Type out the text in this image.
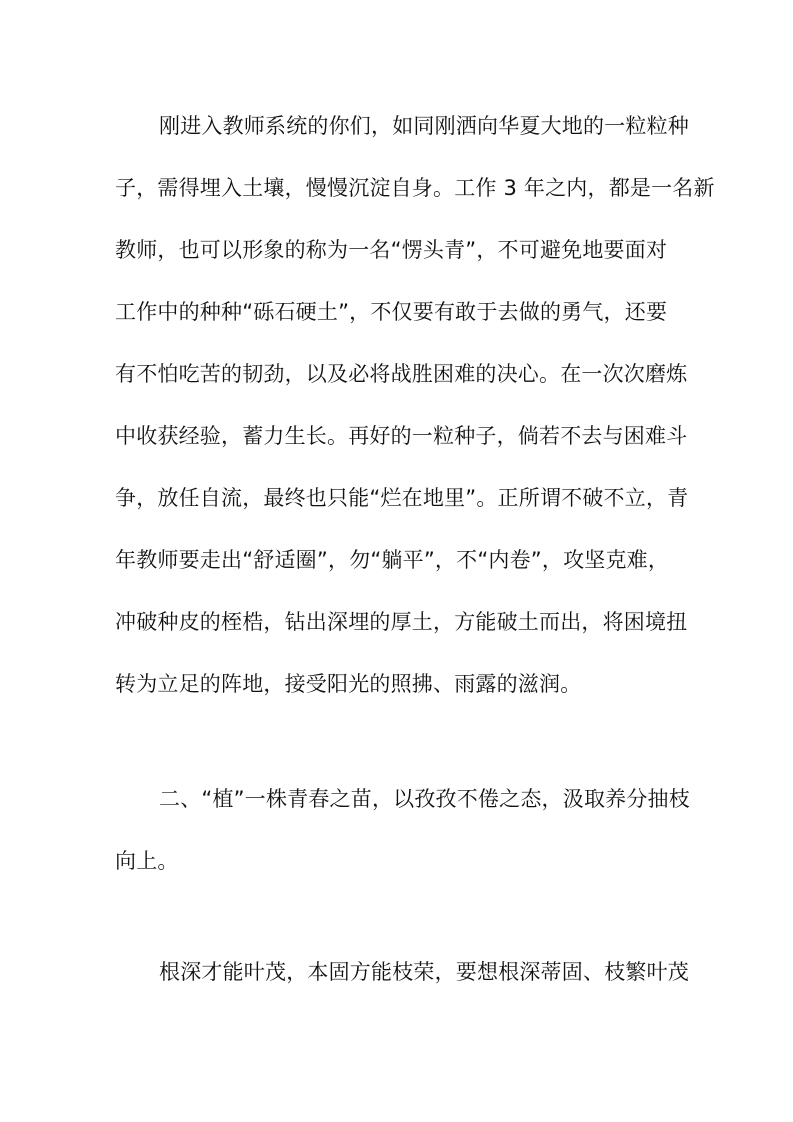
刚进入教师系统的你们，如同刚洒向华夏大地的一粒粒种
子，需得埋入土壤，慢慢沉淀自身。工作 3 年之内，都是一名新
教师，也可以形象的称为一名“愣头青”，不可避免地要面对
工作中的种种“砾石硬土”，不仅要有敢于去做的勇气，还要
有不怕吃苦的韧劲，以及必将战胜困难的决心。在一次次磨炼
中收获经验，蓄力生长。再好的一粒种子，倘若不去与困难斗
争，放任自流，最终也只能“烂在地里”。正所谓不破不立，青
年教师要走出“舒适圈”，勿“躺平”，不“内卷”，攻坚克难，
冲破种皮的桎梏，钻出深埋的厚土，方能破土而出，将困境扭
转为立足的阵地，接受阳光的照拂、雨露的滋润。
二、“植”一株青春之苗，以孜孜不倦之态，汲取养分抽枝
向上。
根深才能叶茂，本固方能枝荣，要想根深蒂固、枝繁叶茂
